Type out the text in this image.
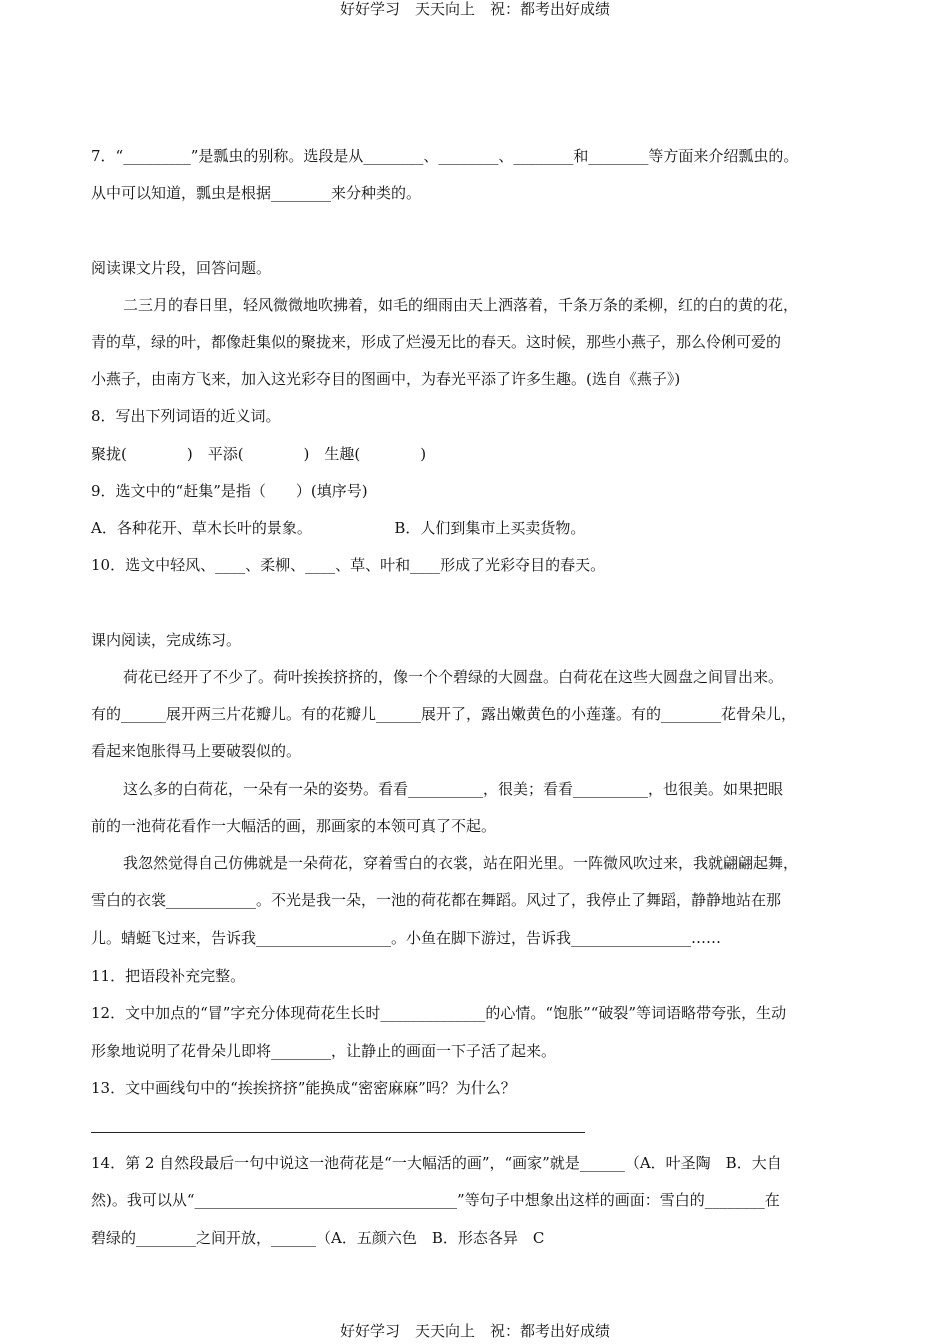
好好学习　天天向上　祝：都考出好成绩
7．“_________”是瓢虫的别称。选段是从________、________、________和________等方面来介绍瓢虫的。
从中可以知道，瓢虫是根据________来分种类的。
阅读课文片段，回答问题。
二三月的春日里，轻风微微地吹拂着，如毛的细雨由天上洒落着，千条万条的柔柳，红的白的黄的花，
青的草，绿的叶，都像赶集似的聚拢来，形成了烂漫无比的春天。这时候，那些小燕子，那么伶俐可爱的
小燕子，由南方飞来，加入这光彩夺目的图画中，为春光平添了许多生趣。(选自《燕子》)
8．写出下列词语的近义词。
聚拢(　　　　)　平添(　　　　)　生趣(　　　　)
9．选文中的“赶集”是指（　　）(填序号)
A．各种花开、草木长叶的景象。　　　　　　B．人们到集市上买卖货物。
10．选文中轻风、____、柔柳、____、草、叶和____形成了光彩夺目的春天。
课内阅读，完成练习。
荷花已经开了不少了。荷叶挨挨挤挤的，像一个个碧绿的大圆盘。白荷花在这些大圆盘之间冒出来。
有的______展开两三片花瓣儿。有的花瓣儿______展开了，露出嫩黄色的小莲蓬。有的________花骨朵儿，
看起来饱胀得马上要破裂似的。
这么多的白荷花，一朵有一朵的姿势。看看__________，很美；看看__________，也很美。如果把眼
前的一池荷花看作一大幅活的画，那画家的本领可真了不起。
我忽然觉得自己仿佛就是一朵荷花，穿着雪白的衣裳，站在阳光里。一阵微风吹过来，我就翩翩起舞，
雪白的衣裳____________。不光是我一朵，一池的荷花都在舞蹈。风过了，我停止了舞蹈，静静地站在那
儿。蜻蜓飞过来，告诉我__________________。小鱼在脚下游过，告诉我________________……
11．把语段补充完整。
12．文中加点的“冒”字充分体现荷花生长时______________的心情。“饱胀”“破裂”等词语略带夸张，生动
形象地说明了花骨朵儿即将________，让静止的画面一下子活了起来。
13．文中画线句中的“挨挨挤挤”能换成“密密麻麻”吗？为什么？
14．第 2 自然段最后一句中说这一池荷花是“一大幅活的画”，“画家”就是______（A．叶圣陶　B．大自
然)。我可以从“___________________________________”等句子中想象出这样的画面：雪白的________在
碧绿的________之间开放，______（A．五颜六色　B．形态各异　C
好好学习　天天向上　祝：都考出好成绩
